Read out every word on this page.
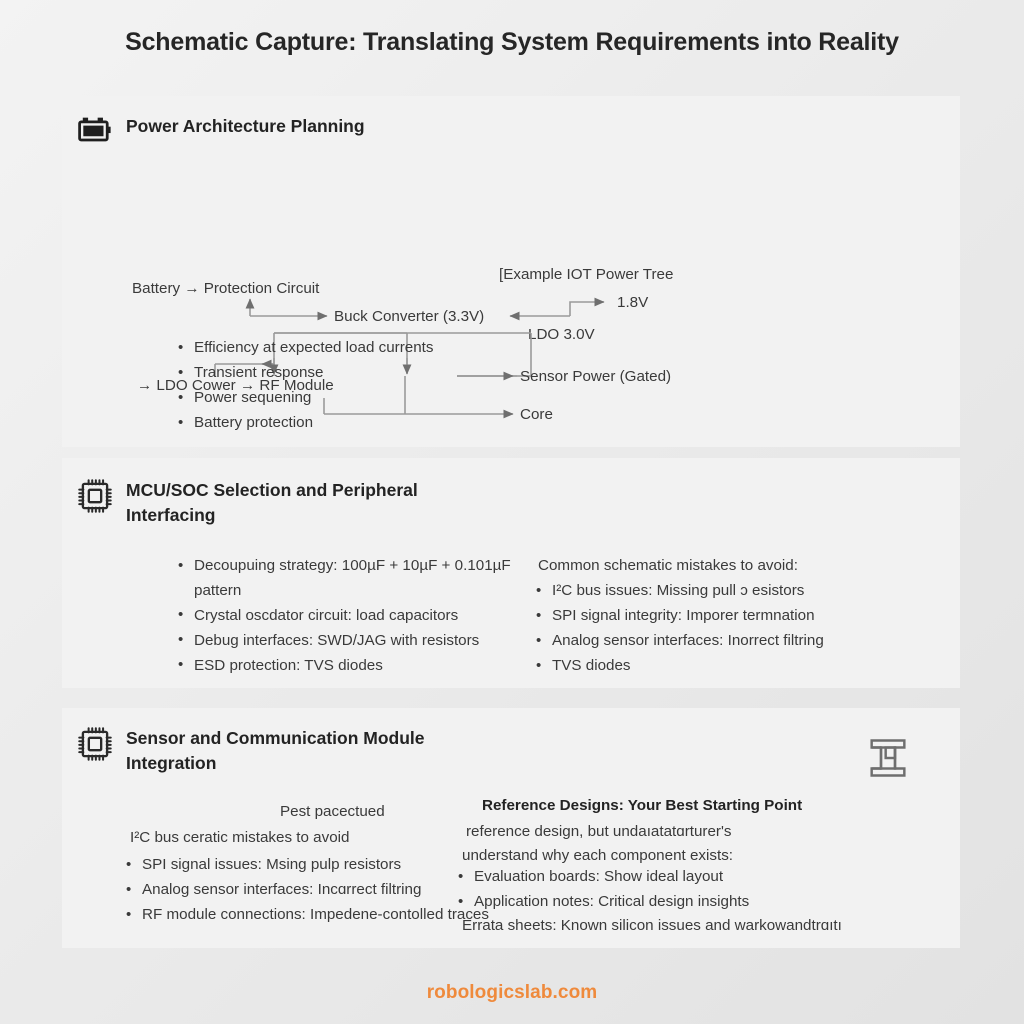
Schematic Capture: Translating System Requirements into Reality
Power Architecture Planning
[Example IOT Power Tree
Battery → Protection Circuit
Buck Converter (3.3V)
1.8V
LDO 3.0V
Sensor Power (Gated)
Core
→ LDO Cower → RF Module
• Efficiency at expected load currents
• Transient response
• Power sequening
• Battery protection
MCU/SOC Selection and Peripheral Interfacing
• Decoupuing strategy: 100µF + 10µF + 0.101µF pattern
• Crystal oscdator circuit: load capacitors
• Debug interfaces: SWD/JAG with resistors
• ESD protection: TVS diodes
Common schematic mistakes to avoid:
• I²C bus issues: Missing pull ɔ esistors
• SPI signal integrity: Imporer termnation
• Analog sensor interfaces: Inorrect filtring
• TVS diodes
Sensor and Communication Module Integration
Pest pacectued
I²C bus ceratic mistakes to avoid
• SPI signal issues: Msing pulp resistors
• Analog sensor interfaces: Incɑrrect filtring
• RF module connections: Impedene-contolled traces
Reference Designs: Your Best Starting Point
reference design, but undaıatatɑrturer's
understand why each component exists:
• Evaluation boards: Show ideal layout
• Application notes: Critical design insights
Errata sheets: Known silicon issues and warkowandtrɑıtı
robologicslab.com
